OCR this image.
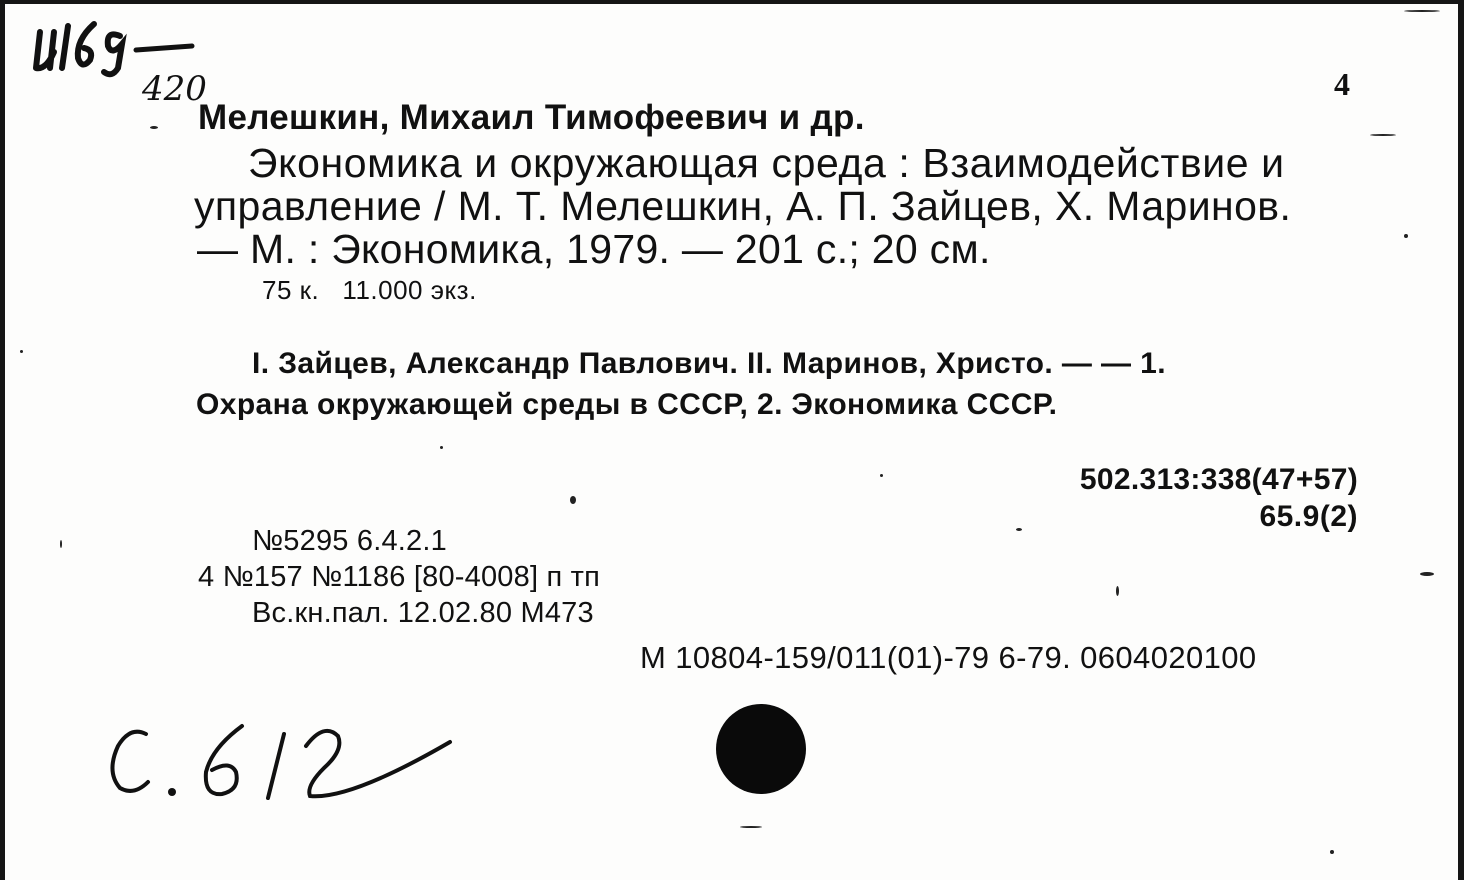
420	4
Мелешкин, Михаил Тимофеевич и др.
Экономика и окружающая среда : Взаимодействие и
управление / М. Т. Мелешкин, А. П. Зайцев, Х. Маринов.
— М. : Экономика, 1979. — 201 с.; 20 см.
75 к.   11.000 экз.
I. Зайцев, Александр Павлович. II. Маринов, Христо. — — 1.
Охрана окружающей среды в СССР, 2. Экономика СССР.
502.313:338(47+57)
65.9(2)
№5295 6.4.2.1
4 №157 №1186 [80-4008] п тп
Вс.кн.пал. 12.02.80 М473
М 10804-159/011(01)-79 6-79. 0604020100
